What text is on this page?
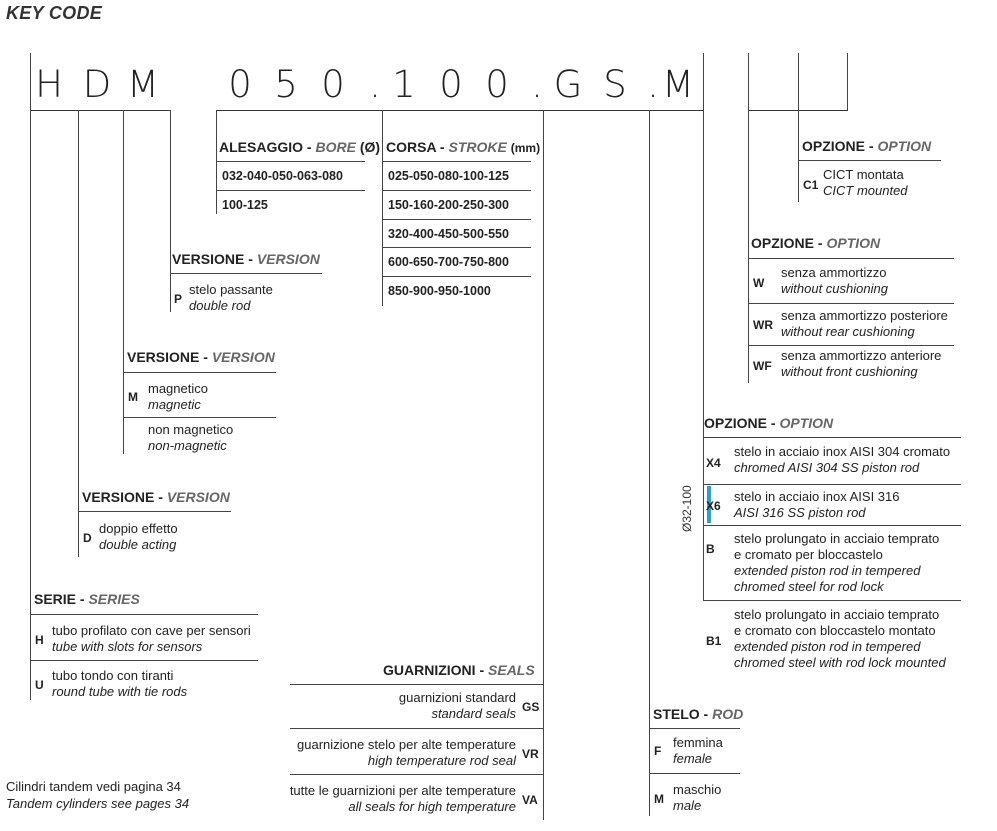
KEY CODE
H D M 0 5 0 . 1 0 0 . G S . M
ALESAGGIO - BORE (Ø)
032-040-050-063-080
100-125
CORSA - STROKE (mm)
025-050-080-100-125
150-160-200-250-300
320-400-450-500-550
600-650-700-750-800
850-900-950-1000
VERSIONE - VERSION
P
stelo passante
double rod
VERSIONE - VERSION
M
magnetico
magnetic
non magnetico
non-magnetic
VERSIONE - VERSION
D
doppio effetto
double acting
SERIE - SERIES
H
tubo profilato con cave per sensori
tube with slots for sensors
U
tubo tondo con tiranti
round tube with tie rods
GUARNIZIONI - SEALS
guarnizioni standard
standard seals GS
guarnizione stelo per alte temperature
high temperature rod seal VR
tutte le guarnizioni per alte temperature
all seals for high temperature VA
STELO - ROD
F
femmina
female
M
maschio
male
OPZIONE - OPTION
X4
stelo in acciaio inox AISI 304 cromato
chromed AISI 304 SS piston rod
X6
stelo in acciaio inox AISI 316
AISI 316 SS piston rod
Ø32-100
B
stelo prolungato in acciaio temprato
e cromato per bloccastelo
extended piston rod in tempered
chromed steel for rod lock
B1
stelo prolungato in acciaio temprato
e cromato con bloccastelo montato
extended piston rod in tempered
chromed steel with rod lock mounted
OPZIONE - OPTION
W
senza ammortizzo
without cushioning
WR
senza ammortizzo posteriore
without rear cushioning
WF
senza ammortizzo anteriore
without front cushioning
OPZIONE - OPTION
C1
CICT montata
CICT mounted
Cilindri tandem vedi pagina 34
Tandem cylinders see pages 34
